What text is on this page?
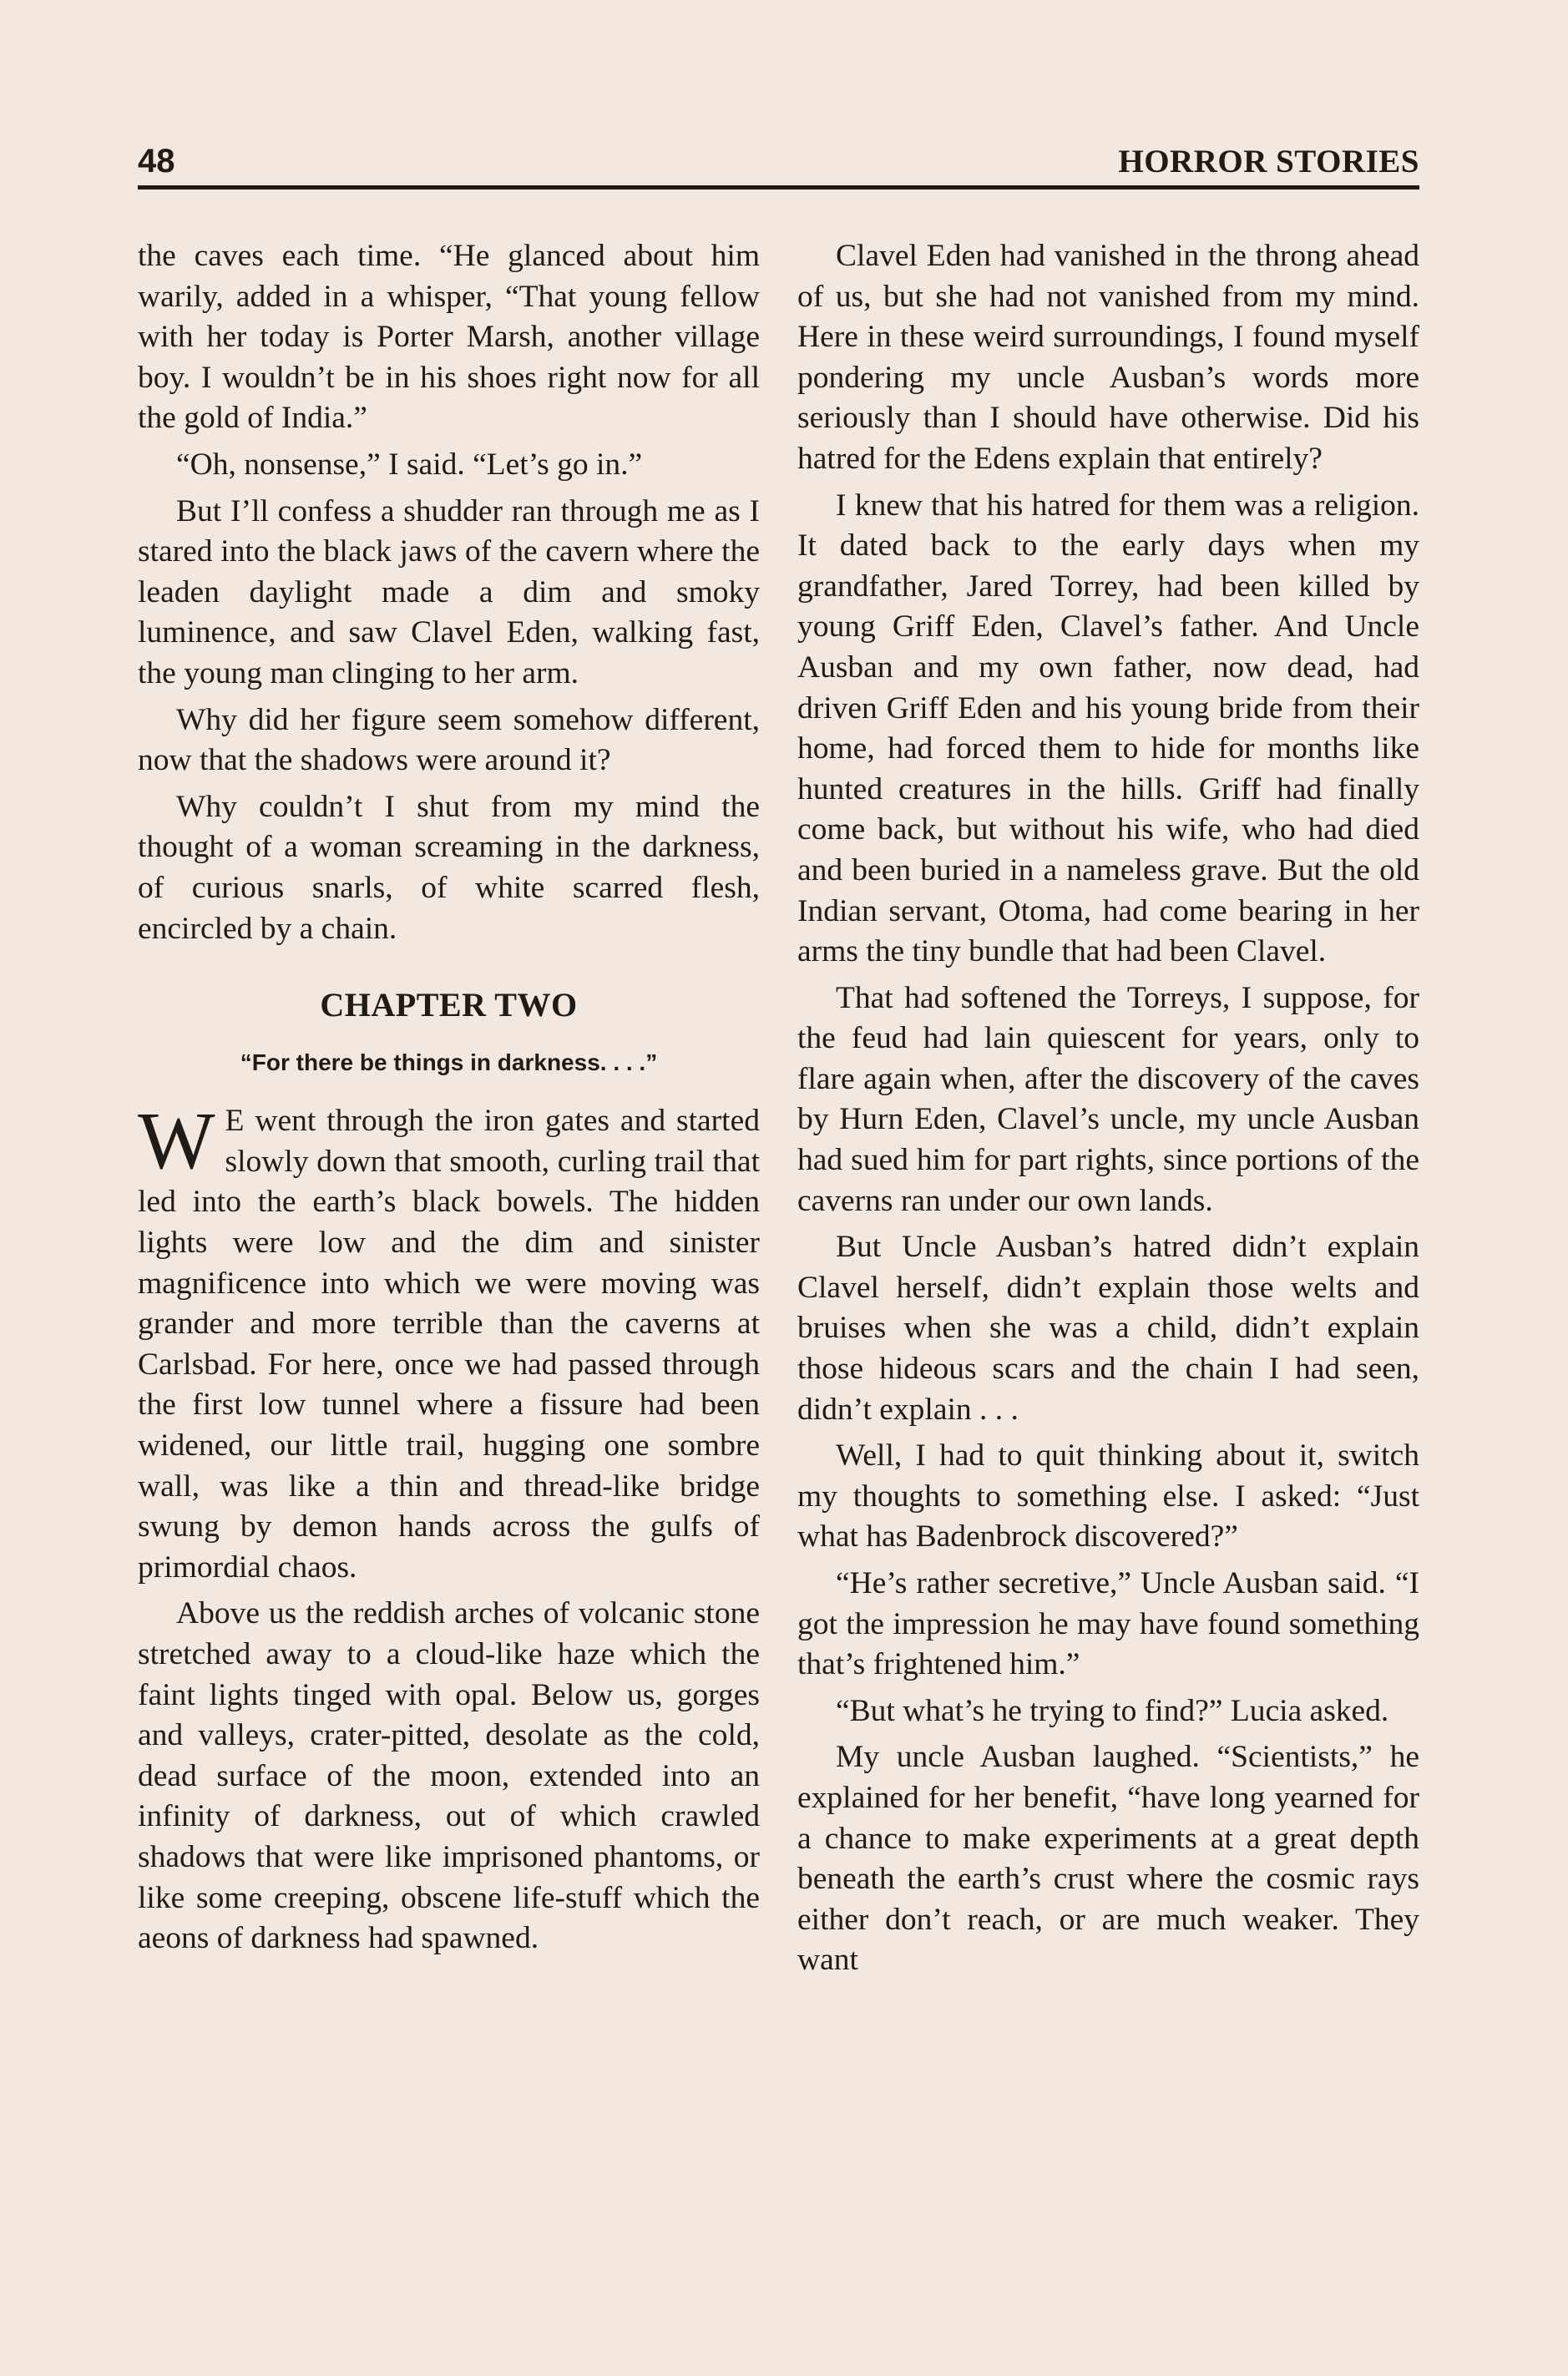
48	HORROR STORIES

the caves each time. “He glanced about him warily, added in a whisper, “That young fellow with her today is Porter Marsh, another village boy. I wouldn’t be in his shoes right now for all the gold of India.”

“Oh, nonsense,” I said. “Let’s go in.”

But I’ll confess a shudder ran through me as I stared into the black jaws of the cavern where the leaden daylight made a dim and smoky luminence, and saw Clavel Eden, walking fast, the young man clinging to her arm.

Why did her figure seem somehow different, now that the shadows were around it?

Why couldn’t I shut from my mind the thought of a woman screaming in the darkness, of curious snarls, of white scarred flesh, encircled by a chain.

CHAPTER TWO
“For there be things in darkness. . . .”

W E went through the iron gates and started slowly down that smooth, curling trail that led into the earth’s black bowels. The hidden lights were low and the dim and sinister magnificence into which we were moving was grander and more terrible than the caverns at Carlsbad. For here, once we had passed through the first low tunnel where a fissure had been widened, our little trail, hugging one sombre wall, was like a thin and thread-like bridge swung by demon hands across the gulfs of primordial chaos.

Above us the reddish arches of volcanic stone stretched away to a cloud-like haze which the faint lights tinged with opal. Below us, gorges and valleys, crater-pitted, desolate as the cold, dead surface of the moon, extended into an infinity of darkness, out of which crawled shadows that were like imprisoned phantoms, or like some creeping, obscene life-stuff which the aeons of darkness had spawned.

Clavel Eden had vanished in the throng ahead of us, but she had not vanished from my mind. Here in these weird surroundings, I found myself pondering my uncle Ausban’s words more seriously than I should have otherwise. Did his hatred for the Edens explain that entirely?

I knew that his hatred for them was a religion. It dated back to the early days when my grandfather, Jared Torrey, had been killed by young Griff Eden, Clavel’s father. And Uncle Ausban and my own father, now dead, had driven Griff Eden and his young bride from their home, had forced them to hide for months like hunted creatures in the hills. Griff had finally come back, but without his wife, who had died and been buried in a nameless grave. But the old Indian servant, Otoma, had come bearing in her arms the tiny bundle that had been Clavel.

That had softened the Torreys, I suppose, for the feud had lain quiescent for years, only to flare again when, after the discovery of the caves by Hurn Eden, Clavel’s uncle, my uncle Ausban had sued him for part rights, since portions of the caverns ran under our own lands.

But Uncle Ausban’s hatred didn’t explain Clavel herself, didn’t explain those welts and bruises when she was a child, didn’t explain those hideous scars and the chain I had seen, didn’t explain . . .

Well, I had to quit thinking about it, switch my thoughts to something else. I asked: “Just what has Badenbrock discovered?”

“He’s rather secretive,” Uncle Ausban said. “I got the impression he may have found something that’s frightened him.”

“But what’s he trying to find?” Lucia asked.

My uncle Ausban laughed. “Scientists,” he explained for her benefit, “have long yearned for a chance to make experiments at a great depth beneath the earth’s crust where the cosmic rays either don’t reach, or are much weaker. They want
